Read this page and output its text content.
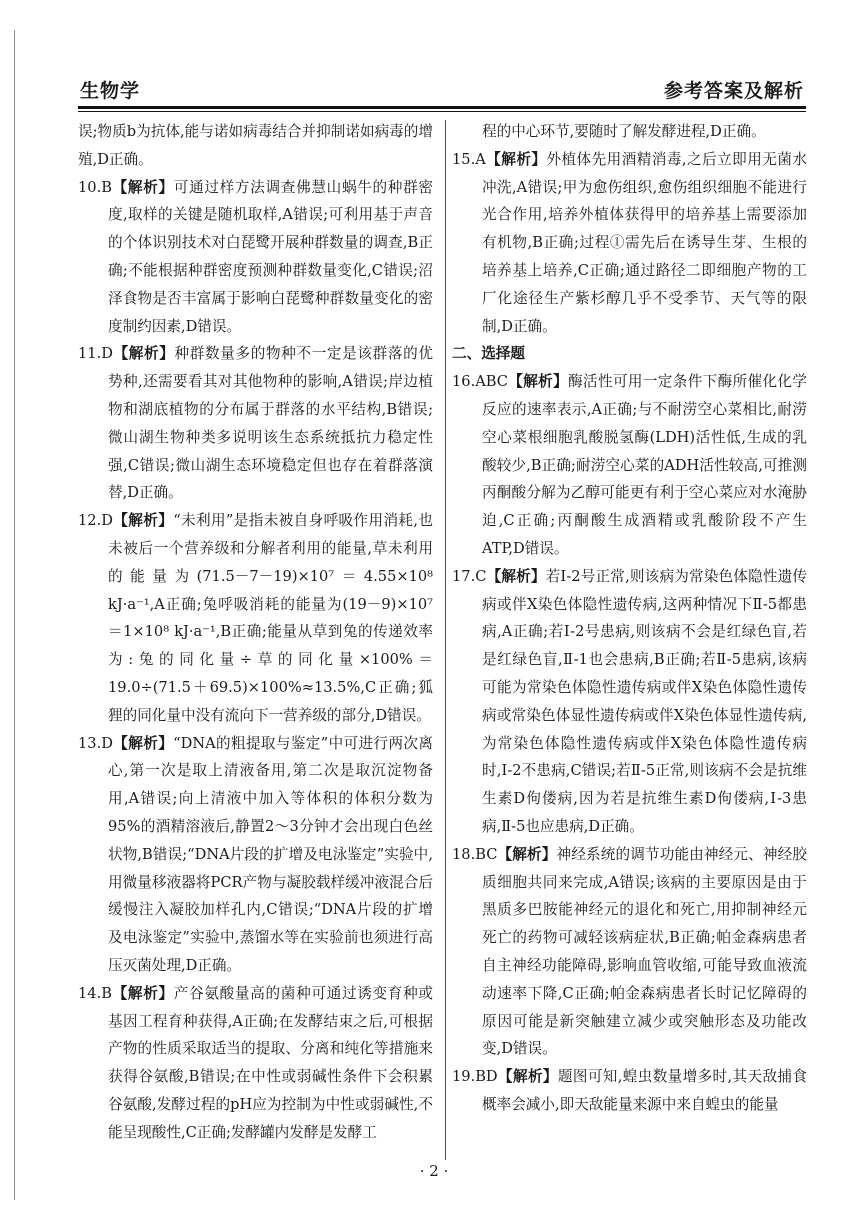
生物学	参考答案及解析

误;物质b为抗体,能与诺如病毒结合并抑制诺如病毒的增殖,D正确。

10.B【解析】可通过样方法调查佛慧山蜗牛的种群密度,取样的关键是随机取样,A错误;可利用基于声音的个体识别技术对白琵鹭开展种群数量的调查,B正确;不能根据种群密度预测种群数量变化,C错误;沼泽食物是否丰富属于影响白琵鹭种群数量变化的密度制约因素,D错误。

11.D【解析】种群数量多的物种不一定是该群落的优势种,还需要看其对其他物种的影响,A错误;岸边植物和湖底植物的分布属于群落的水平结构,B错误;微山湖生物种类多说明该生态系统抵抗力稳定性强,C错误;微山湖生态环境稳定但也存在着群落演替,D正确。

12.D【解析】“未利用”是指未被自身呼吸作用消耗,也未被后一个营养级和分解者利用的能量,草未利用的能量为(71.5－7－19)×10⁷＝4.55×10⁸ kJ·a⁻¹,A正确;兔呼吸消耗的能量为(19－9)×10⁷＝1×10⁸ kJ·a⁻¹,B正确;能量从草到兔的传递效率为:兔的同化量÷草的同化量×100%＝19.0÷(71.5＋69.5)×100%≈13.5%,C正确;狐狸的同化量中没有流向下一营养级的部分,D错误。

13.D【解析】“DNA的粗提取与鉴定”中可进行两次离心,第一次是取上清液备用,第二次是取沉淀物备用,A错误;向上清液中加入等体积的体积分数为95%的酒精溶液后,静置2～3分钟才会出现白色丝状物,B错误;“DNA片段的扩增及电泳鉴定”实验中,用微量移液器将PCR产物与凝胶载样缓冲液混合后缓慢注入凝胶加样孔内,C错误;“DNA片段的扩增及电泳鉴定”实验中,蒸馏水等在实验前也须进行高压灭菌处理,D正确。

14.B【解析】产谷氨酸量高的菌种可通过诱变育种或基因工程育种获得,A正确;在发酵结束之后,可根据产物的性质采取适当的提取、分离和纯化等措施来获得谷氨酸,B错误;在中性或弱碱性条件下会积累谷氨酸,发酵过程的pH应为控制为中性或弱碱性,不能呈现酸性,C正确;发酵罐内发酵是发酵工

程的中心环节,要随时了解发酵进程,D正确。

15.A【解析】外植体先用酒精消毒,之后立即用无菌水冲洗,A错误;甲为愈伤组织,愈伤组织细胞不能进行光合作用,培养外植体获得甲的培养基上需要添加有机物,B正确;过程①需先后在诱导生芽、生根的培养基上培养,C正确;通过路径二即细胞产物的工厂化途径生产紫杉醇几乎不受季节、天气等的限制,D正确。

二、选择题

16.ABC【解析】酶活性可用一定条件下酶所催化化学反应的速率表示,A正确;与不耐涝空心菜相比,耐涝空心菜根细胞乳酸脱氢酶(LDH)活性低,生成的乳酸较少,B正确;耐涝空心菜的ADH活性较高,可推测丙酮酸分解为乙醇可能更有利于空心菜应对水淹胁迫,C正确;丙酮酸生成酒精或乳酸阶段不产生ATP,D错误。

17.C【解析】若Ⅰ-2号正常,则该病为常染色体隐性遗传病或伴X染色体隐性遗传病,这两种情况下Ⅱ-5都患病,A正确;若Ⅰ-2号患病,则该病不会是红绿色盲,若是红绿色盲,Ⅱ-1也会患病,B正确;若Ⅱ-5患病,该病可能为常染色体隐性遗传病或伴X染色体隐性遗传病或常染色体显性遗传病或伴X染色体显性遗传病,为常染色体隐性遗传病或伴X染色体隐性遗传病时,Ⅰ-2不患病,C错误;若Ⅱ-5正常,则该病不会是抗维生素D佝偻病,因为若是抗维生素D佝偻病,Ⅰ-3患病,Ⅱ-5也应患病,D正确。

18.BC【解析】神经系统的调节功能由神经元、神经胶质细胞共同来完成,A错误;该病的主要原因是由于黑质多巴胺能神经元的退化和死亡,用抑制神经元死亡的药物可减轻该病症状,B正确;帕金森病患者自主神经功能障碍,影响血管收缩,可能导致血液流动速率下降,C正确;帕金森病患者长时记忆障碍的原因可能是新突触建立减少或突触形态及功能改变,D错误。

19.BD【解析】题图可知,蝗虫数量增多时,其天敌捕食概率会减小,即天敌能量来源中来自蝗虫的能量

· 2 ·
